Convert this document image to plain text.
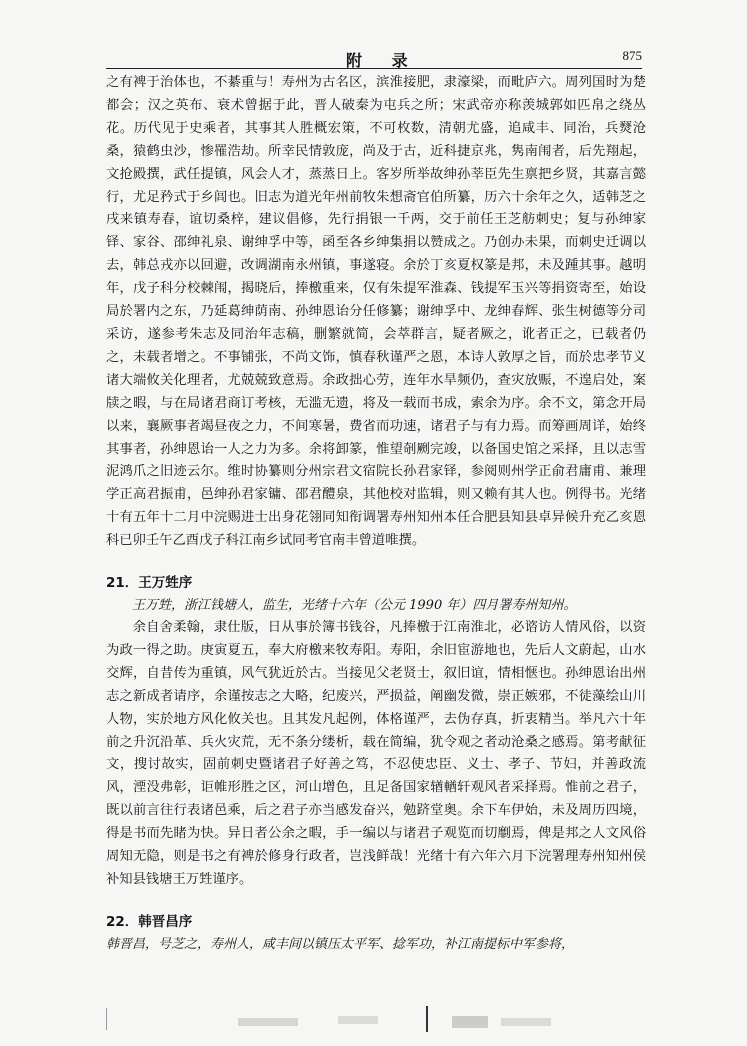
附 录	875

之有裨于治体也，不綦重与！寿州为古名区，滨淮接肥，隶濠梁，而毗庐六。周列国时为楚都会；汉之英布、衰术曾据于此，晋人破秦为屯兵之所；宋武帝亦称羡城郭如匹帛之绕丛花。历代见于史乘者，其事其人胜概宏策，不可枚数，清朝尤盛，追咸丰、同治，兵燹沧桑，猿鹤虫沙，惨罹浩劫。所幸民情敦庞，尚及于古，近科捷京兆，隽南闱者，后先翔起，文抢殿撰，武任提镇，风会人才，蒸蒸日上。客岁所举故绅孙莘臣先生禀把乡贤，其嘉言懿行，尤足矜式于乡闾也。旧志为道光年州前牧朱想斋官伯所纂，历六十余年之久，适韩芝之戌来镇寿春，谊切桑梓，建议倡修，先行捐银一千两，交于前任王芝舫刺史；复与孙绅家铎、家谷、邵绅礼泉、谢绅孚中等，函至各乡绅集捐以赞成之。乃创办未果，而刺史迁调以去，韩总戎亦以回避，改调湖南永州镇，事遂寝。余於丁亥夏权篆是邦，未及踵其事。越明年，戊子科分校棘闱，揭晓后，捧檄重来，仅有朱提军淮森、钱提军玉兴等捐资寄至，始设局於署内之东，乃延葛绅荫南、孙绅恩诒分任修纂；谢绅孚中、龙绅春辉、张生树德等分司采访，遂参考朱志及同治年志稿，删繁就简，会萃群言，疑者厥之，讹者正之，已载者仍之，未载者增之。不事铺张，不尚文饰，慎春秋谨严之恩，本诗人敦厚之旨，而於忠孝节义诸大端攸关化理者，尤兢兢致意焉。余政拙心劳，连年水旱频仍，查灾放赈，不遑启处，案牍之暇，与在局诸君商订考核，无滥无遗，将及一载而书成，索余为序。余不文，第念开局以来，襄厥事者竭昼夜之力，不间寒暑，费省而功速，诸君子与有力焉。而筹画周详，始终其事者，孙绅恩诒一人之力为多。余将卸篆，惟望剞劂完竣，以备国史馆之采择，且以志雪泥鸿爪之旧迹云尔。维时协纂则分州宗君文宿院长孙君家铎，参阅则州学正俞君庸甫、兼理学正高君振甫，邑绅孙君家镛、邵君醴泉，其他校对监辑，则又赖有其人也。例得书。光绪十有五年十二月中浣赐进士出身花翎同知衔调署寿州知州本任合肥县知县卓异候升充乙亥恩科已卯壬午乙酉戊子科江南乡试同考官南丰曾道唯撰。

21．王万甡序

王万甡，浙江钱塘人，监生，光绪十六年（公元 1990 年）四月署寿州知州。

余自舍柔翰，隶仕版，日从事於簿书钱谷，凡捧檄于江南淮北，必谘访人情风俗，以资为政一得之助。庚寅夏五，奉大府檄来牧寿阳。寿阳，余旧宦游地也，先后人文蔚起，山水交辉，自昔传为重镇，风气犹近於古。当接见父老贤士，叙旧谊，情相惬也。孙绅恩诒出州志之新成者请序，余谨按志之大略，纪废兴，严损益，阐幽发微，崇正嫉邪，不徒藻绘山川人物，实於地方风化攸关也。且其发凡起例，体格谨严，去伪存真，折衷精当。举凡六十年前之升沉沿革、兵火灾荒，无不条分缕析，载在简编，犹令观之者动沧桑之感焉。第考献征文，搜讨故实，固前刺史暨诸君子好善之笃，不忍使忠臣、义士、孝子、节妇，并善政流风，湮没弗彰，讵帷形胜之区，河山增色，且足备国家𬨎輶轩观风者采择焉。惟前之君子，既以前言往行表诸邑乘，后之君子亦当感发奋兴，勉跻堂奥。余下车伊始，未及周历四境，得是书而先睹为快。异日者公余之暇，手一编以与诸君子观览而切劘焉，俾是邦之人文风俗周知无隐，则是书之有裨於修身行政者，岂浅鲜哉！光绪十有六年六月下浣署理寿州知州侯补知县钱塘王万甡谨序。

22．韩晋昌序

韩晋昌，号芝之，寿州人，咸丰间以镇压太平军、捻军功，补江南提标中军参将，
